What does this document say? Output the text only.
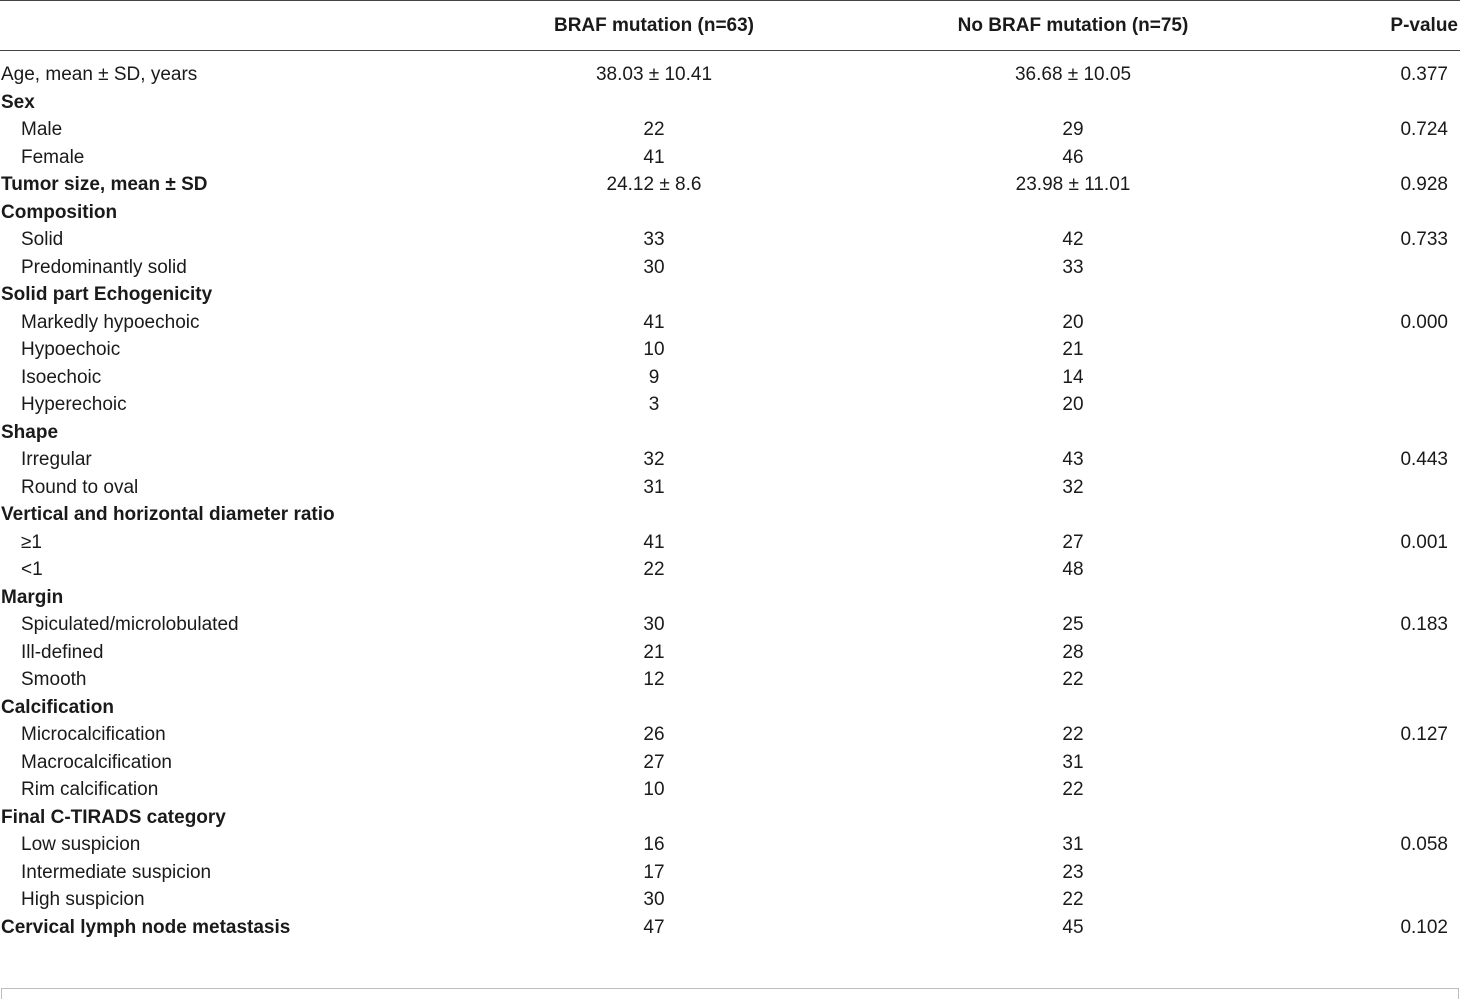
BRAF mutation (n=63)	No BRAF mutation (n=75)	P-value
Age, mean ± SD, years	38.03 ± 10.41	36.68 ± 10.05	0.377
Sex
Male	22	29	0.724
Female	41	46
Tumor size, mean ± SD	24.12 ± 8.6	23.98 ± 11.01	0.928
Composition
Solid	33	42	0.733
Predominantly solid	30	33
Solid part Echogenicity
Markedly hypoechoic	41	20	0.000
Hypoechoic	10	21
Isoechoic	9	14
Hyperechoic	3	20
Shape
Irregular	32	43	0.443
Round to oval	31	32
Vertical and horizontal diameter ratio
≥1	41	27	0.001
<1	22	48
Margin
Spiculated/microlobulated	30	25	0.183
Ill-defined	21	28
Smooth	12	22
Calcification
Microcalcification	26	22	0.127
Macrocalcification	27	31
Rim calcification	10	22
Final C-TIRADS category
Low suspicion	16	31	0.058
Intermediate suspicion	17	23
High suspicion	30	22
Cervical lymph node metastasis	47	45	0.102
